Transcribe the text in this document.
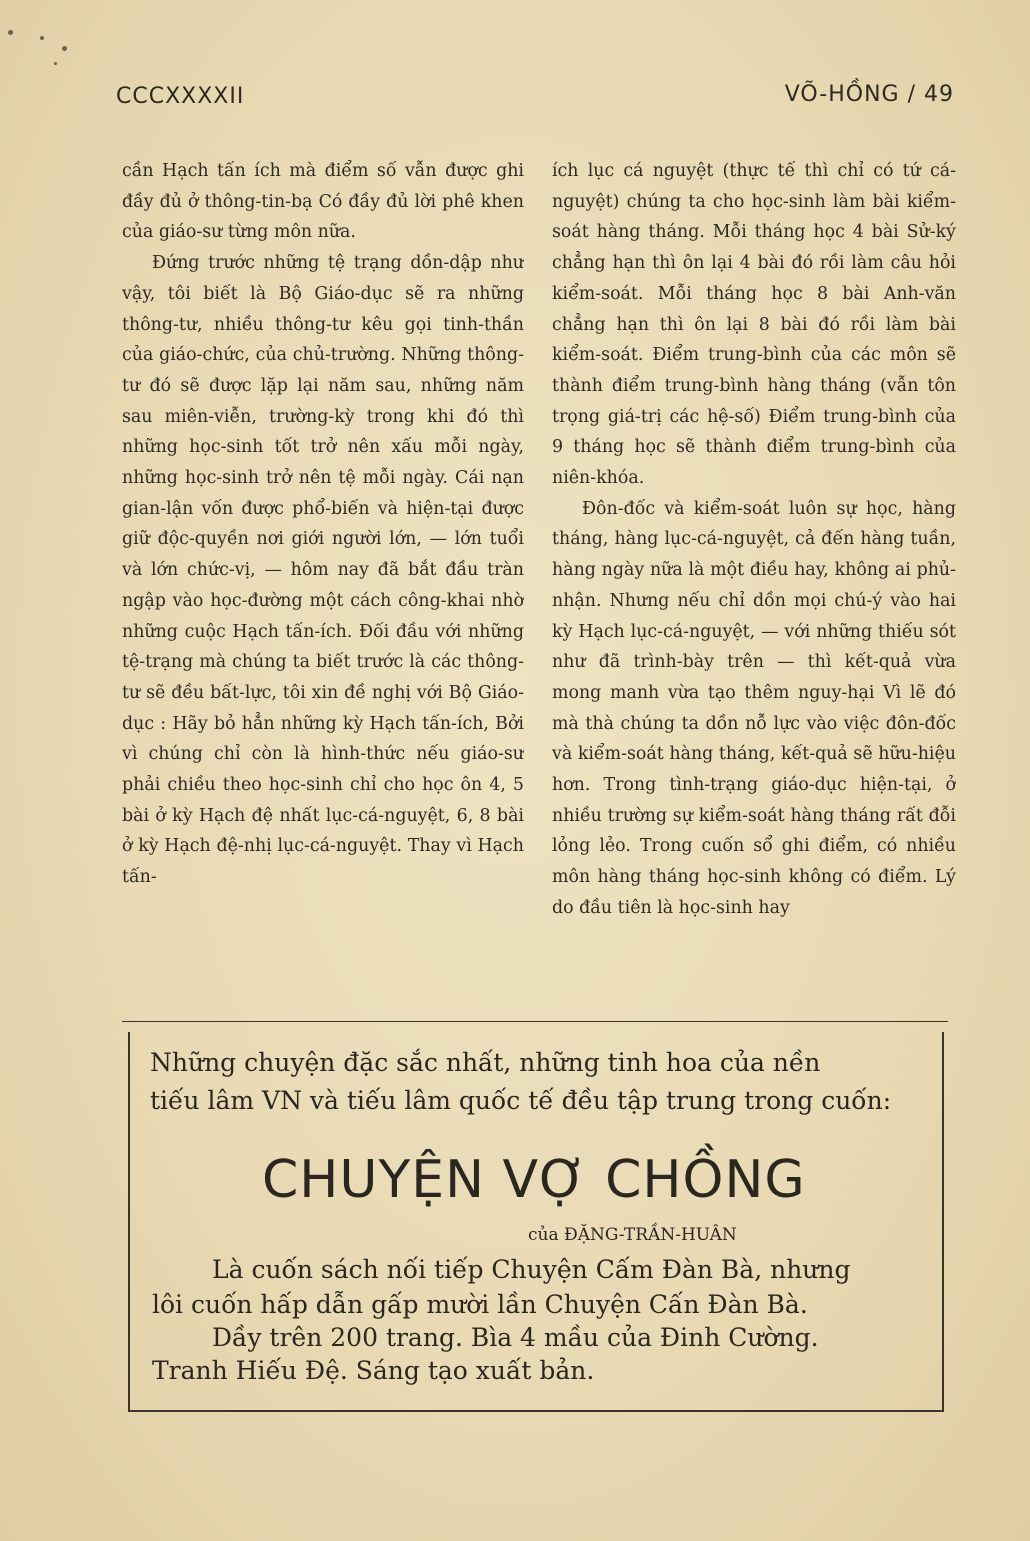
CCCXXXXII	VÕ-HỒNG / 49

cần Hạch tấn ích mà điểm số vẫn được ghi đầy đủ ở thông-tin-bạ Có đầy đủ lời phê khen của giáo-sư từng môn nữa.

Đứng trước những tệ trạng dồn-dập như vậy, tôi biết là Bộ Giáo-dục sẽ ra những thông-tư, nhiều thông-tư kêu gọi tinh-thần của giáo-chức, của chủ-trường. Những thông-tư đó sẽ được lặp lại năm sau, những năm sau miên-viễn, trường-kỳ trong khi đó thì những học-sinh tốt trở nên xấu mỗi ngày, những học-sinh trở nên tệ mỗi ngày. Cái nạn gian-lận vốn được phổ-biến và hiện-tại được giữ độc-quyền nơi giới người lớn, — lớn tuổi và lớn chức-vị, — hôm nay đã bắt đầu tràn ngập vào học-đường một cách công-khai nhờ những cuộc Hạch tấn-ích. Đối đầu với những tệ-trạng mà chúng ta biết trước là các thông-tư sẽ đều bất-lực, tôi xin đề nghị với Bộ Giáo-dục : Hãy bỏ hẳn những kỳ Hạch tấn-ích, Bởi vì chúng chỉ còn là hình-thức nếu giáo-sư phải chiều theo học-sinh chỉ cho học ôn 4, 5 bài ở kỳ Hạch đệ nhất lục-cá-nguyệt, 6, 8 bài ở kỳ Hạch đệ-nhị lục-cá-nguyệt. Thay vì Hạch tấn-

ích lục cá nguyệt (thực tế thì chỉ có tứ cá-nguyệt) chúng ta cho học-sinh làm bài kiểm-soát hàng tháng. Mỗi tháng học 4 bài Sử-ký chẳng hạn thì ôn lại 4 bài đó rồi làm câu hỏi kiểm-soát. Mỗi tháng học 8 bài Anh-văn chẳng hạn thì ôn lại 8 bài đó rồi làm bài kiểm-soát. Điểm trung-bình của các môn sẽ thành điểm trung-bình hàng tháng (vẫn tôn trọng giá-trị các hệ-số) Điểm trung-bình của 9 tháng học sẽ thành điểm trung-bình của niên-khóa.

Đôn-đốc và kiểm-soát luôn sự học, hàng tháng, hàng lục-cá-nguyệt, cả đến hàng tuần, hàng ngày nữa là một điều hay, không ai phủ-nhận. Nhưng nếu chỉ dồn mọi chú-ý vào hai kỳ Hạch lục-cá-nguyệt, — với những thiếu sót như đã trình-bày trên — thì kết-quả vừa mong manh vừa tạo thêm nguy-hại Vì lẽ đó mà thà chúng ta dồn nỗ lực vào việc đôn-đốc và kiểm-soát hàng tháng, kết-quả sẽ hữu-hiệu hơn. Trong tình-trạng giáo-dục hiện-tại, ở nhiều trường sự kiểm-soát hàng tháng rất đỗi lỏng lẻo. Trong cuốn sổ ghi điểm, có nhiều môn hàng tháng học-sinh không có điểm. Lý do đầu tiên là học-sinh hay

Những chuyện đặc sắc nhất, những tinh hoa của nền
tiếu lâm VN và tiếu lâm quốc tế đều tập trung trong cuốn:
CHUYỆN VỢ CHỒNG
của ĐẶNG-TRẦN-HUÂN
Là cuốn sách nối tiếp Chuyện Cấm Đàn Bà, nhưng
lôi cuốn hấp dẫn gấp mười lần Chuyện Cấn Đàn Bà.
Dầy trên 200 trang. Bìa 4 mầu của Đinh Cường.
Tranh Hiếu Đệ. Sáng tạo xuất bản.
